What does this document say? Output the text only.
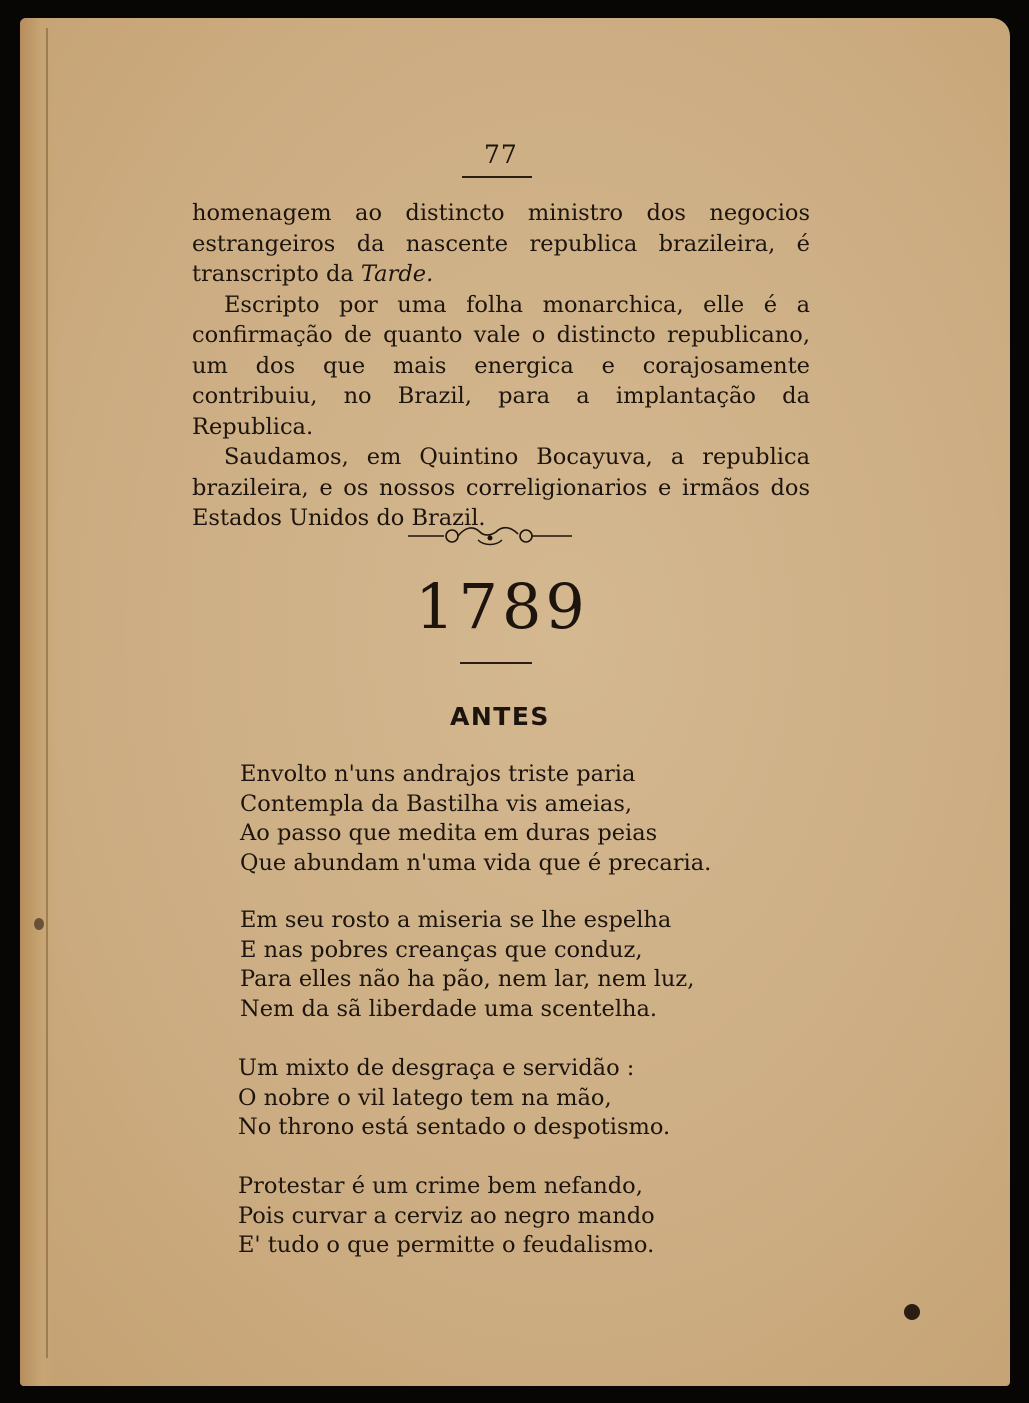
77

homenagem ao distincto ministro dos negocios estrangeiros da nascente republica brazileira, é transcripto da Tarde.

Escripto por uma folha monarchica, elle é a confirmação de quanto vale o distincto republicano, um dos que mais energica e corajosamente contribuiu, no Brazil, para a implantação da Republica.

Saudamos, em Quintino Bocayuva, a republica brazileira, e os nossos correligionarios e irmãos dos Estados Unidos do Brazil.

1789
ANTES
Envolto n'uns andrajos triste paria
Contempla da Bastilha vis ameias,
Ao passo que medita em duras peias
Que abundam n'uma vida que é precaria.
Em seu rosto a miseria se lhe espelha
E nas pobres creanças que conduz,
Para elles não ha pão, nem lar, nem luz,
Nem da sã liberdade uma scentelha.
Um mixto de desgraça e servidão :
O nobre o vil latego tem na mão,
No throno está sentado o despotismo.
Protestar é um crime bem nefando,
Pois curvar a cerviz ao negro mando
E' tudo o que permitte o feudalismo.
